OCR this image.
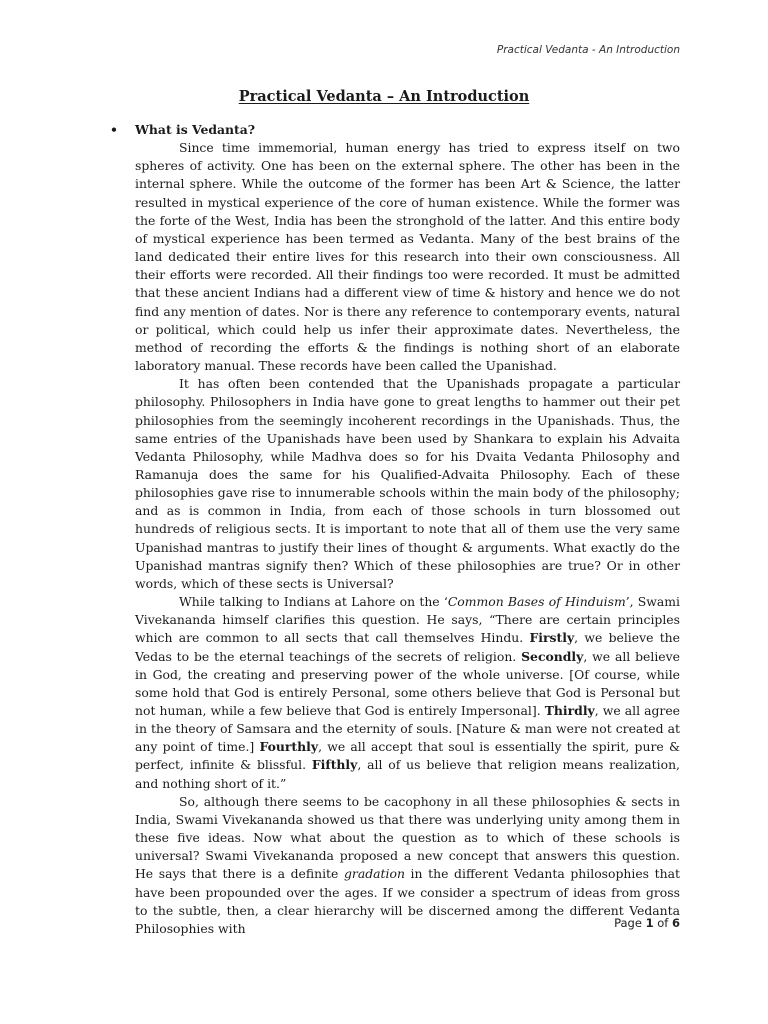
Practical Vedanta - An Introduction
Practical Vedanta – An Introduction
• What is Vedanta?

Since time immemorial, human energy has tried to express itself on two spheres of activity. One has been on the external sphere. The other has been in the internal sphere. While the outcome of the former has been Art & Science, the latter resulted in mystical experience of the core of human existence. While the former was the forte of the West, India has been the stronghold of the latter. And this entire body of mystical experience has been termed as Vedanta. Many of the best brains of the land dedicated their entire lives for this research into their own consciousness. All their efforts were recorded. All their findings too were recorded. It must be admitted that these ancient Indians had a different view of time & history and hence we do not find any mention of dates. Nor is there any reference to contemporary events, natural or political, which could help us infer their approximate dates. Nevertheless, the method of recording the efforts & the findings is nothing short of an elaborate laboratory manual. These records have been called the Upanishad.

It has often been contended that the Upanishads propagate a particular philosophy. Philosophers in India have gone to great lengths to hammer out their pet philosophies from the seemingly incoherent recordings in the Upanishads. Thus, the same entries of the Upanishads have been used by Shankara to explain his Advaita Vedanta Philosophy, while Madhva does so for his Dvaita Vedanta Philosophy and Ramanuja does the same for his Qualified-Advaita Philosophy. Each of these philosophies gave rise to innumerable schools within the main body of the philosophy; and as is common in India, from each of those schools in turn blossomed out hundreds of religious sects. It is important to note that all of them use the very same Upanishad mantras to justify their lines of thought & arguments. What exactly do the Upanishad mantras signify then? Which of these philosophies are true? Or in other words, which of these sects is Universal?

While talking to Indians at Lahore on the ‘Common Bases of Hinduism’, Swami Vivekananda himself clarifies this question. He says, “There are certain principles which are common to all sects that call themselves Hindu. Firstly, we believe the Vedas to be the eternal teachings of the secrets of religion. Secondly, we all believe in God, the creating and preserving power of the whole universe. [Of course, while some hold that God is entirely Personal, some others believe that God is Personal but not human, while a few believe that God is entirely Impersonal]. Thirdly, we all agree in the theory of Samsara and the eternity of souls. [Nature & man were not created at any point of time.] Fourthly, we all accept that soul is essentially the spirit, pure & perfect, infinite & blissful. Fifthly, all of us believe that religion means realization, and nothing short of it.”

So, although there seems to be cacophony in all these philosophies & sects in India, Swami Vivekananda showed us that there was underlying unity among them in these five ideas. Now what about the question as to which of these schools is universal? Swami Vivekananda proposed a new concept that answers this question. He says that there is a definite gradation in the different Vedanta philosophies that have been propounded over the ages. If we consider a spectrum of ideas from gross to the subtle, then, a clear hierarchy will be discerned among the different Vedanta Philosophies with	Page 1 of 6
